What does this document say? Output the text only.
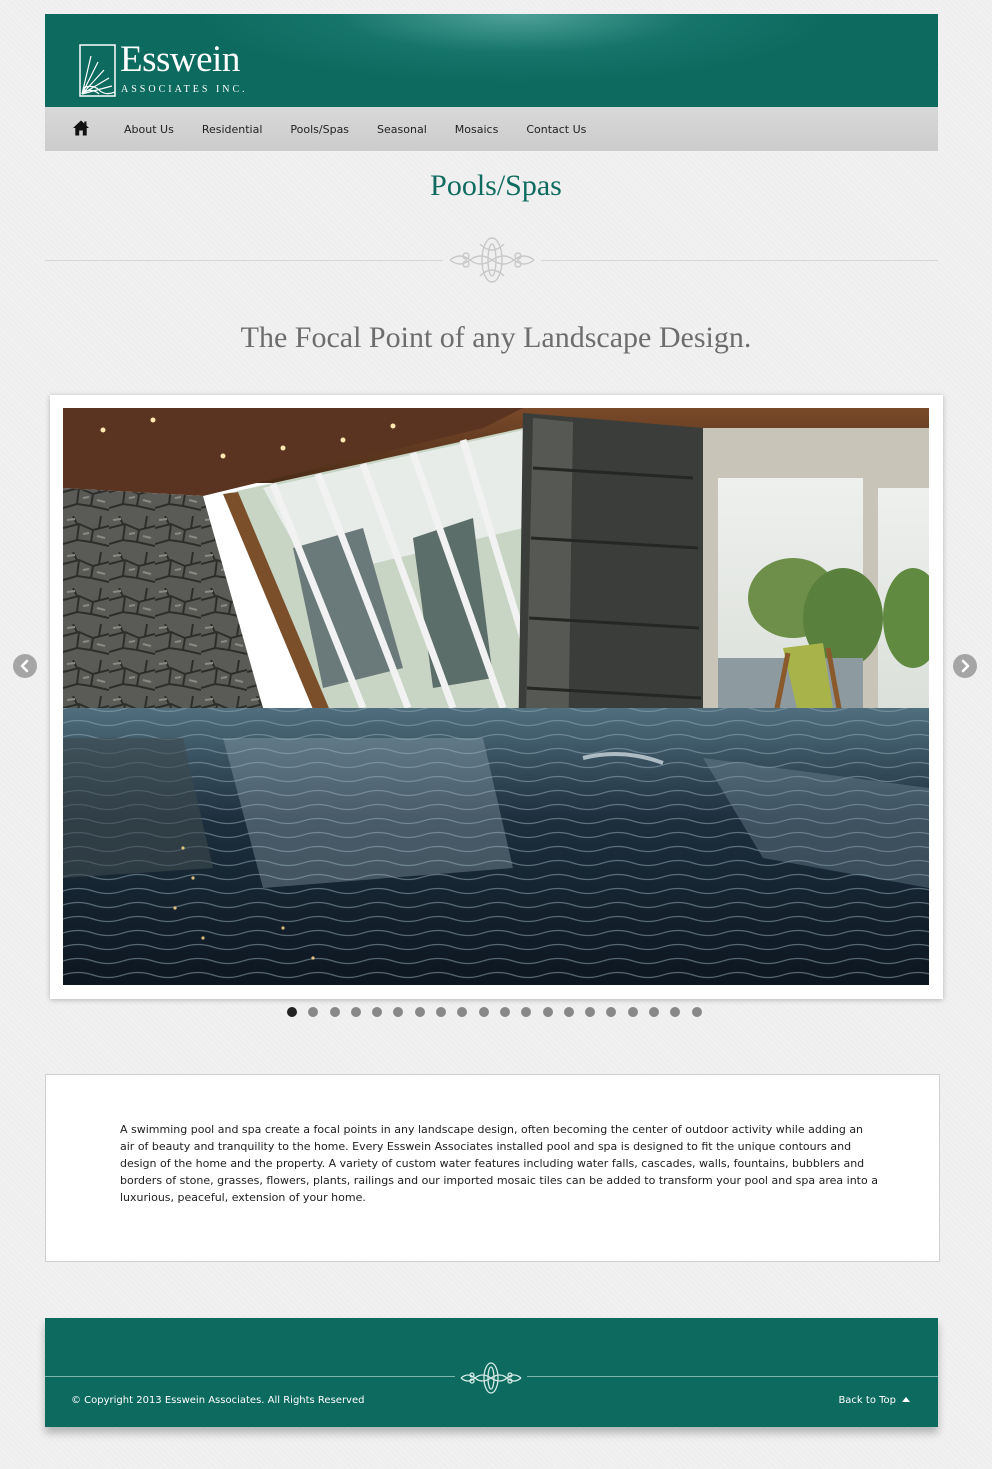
Esswein
ASSOCIATES INC.
About Us	Residential	Pools/Spas	Seasonal	Mosaics	Contact Us
Pools/Spas
The Focal Point of any Landscape Design.
A swimming pool and spa create a focal points in any landscape design, often becoming the center of outdoor activity while adding an air of beauty and tranquility to the home. Every Esswein Associates installed pool and spa is designed to fit the unique contours and design of the home and the property. A variety of custom water features including water falls, cascades, walls, fountains, bubblers and borders of stone, grasses, flowers, plants, railings and our imported mosaic tiles can be added to transform your pool and spa area into a luxurious, peaceful, extension of your home.
© Copyright 2013 Esswein Associates. All Rights Reserved	Back to Top
